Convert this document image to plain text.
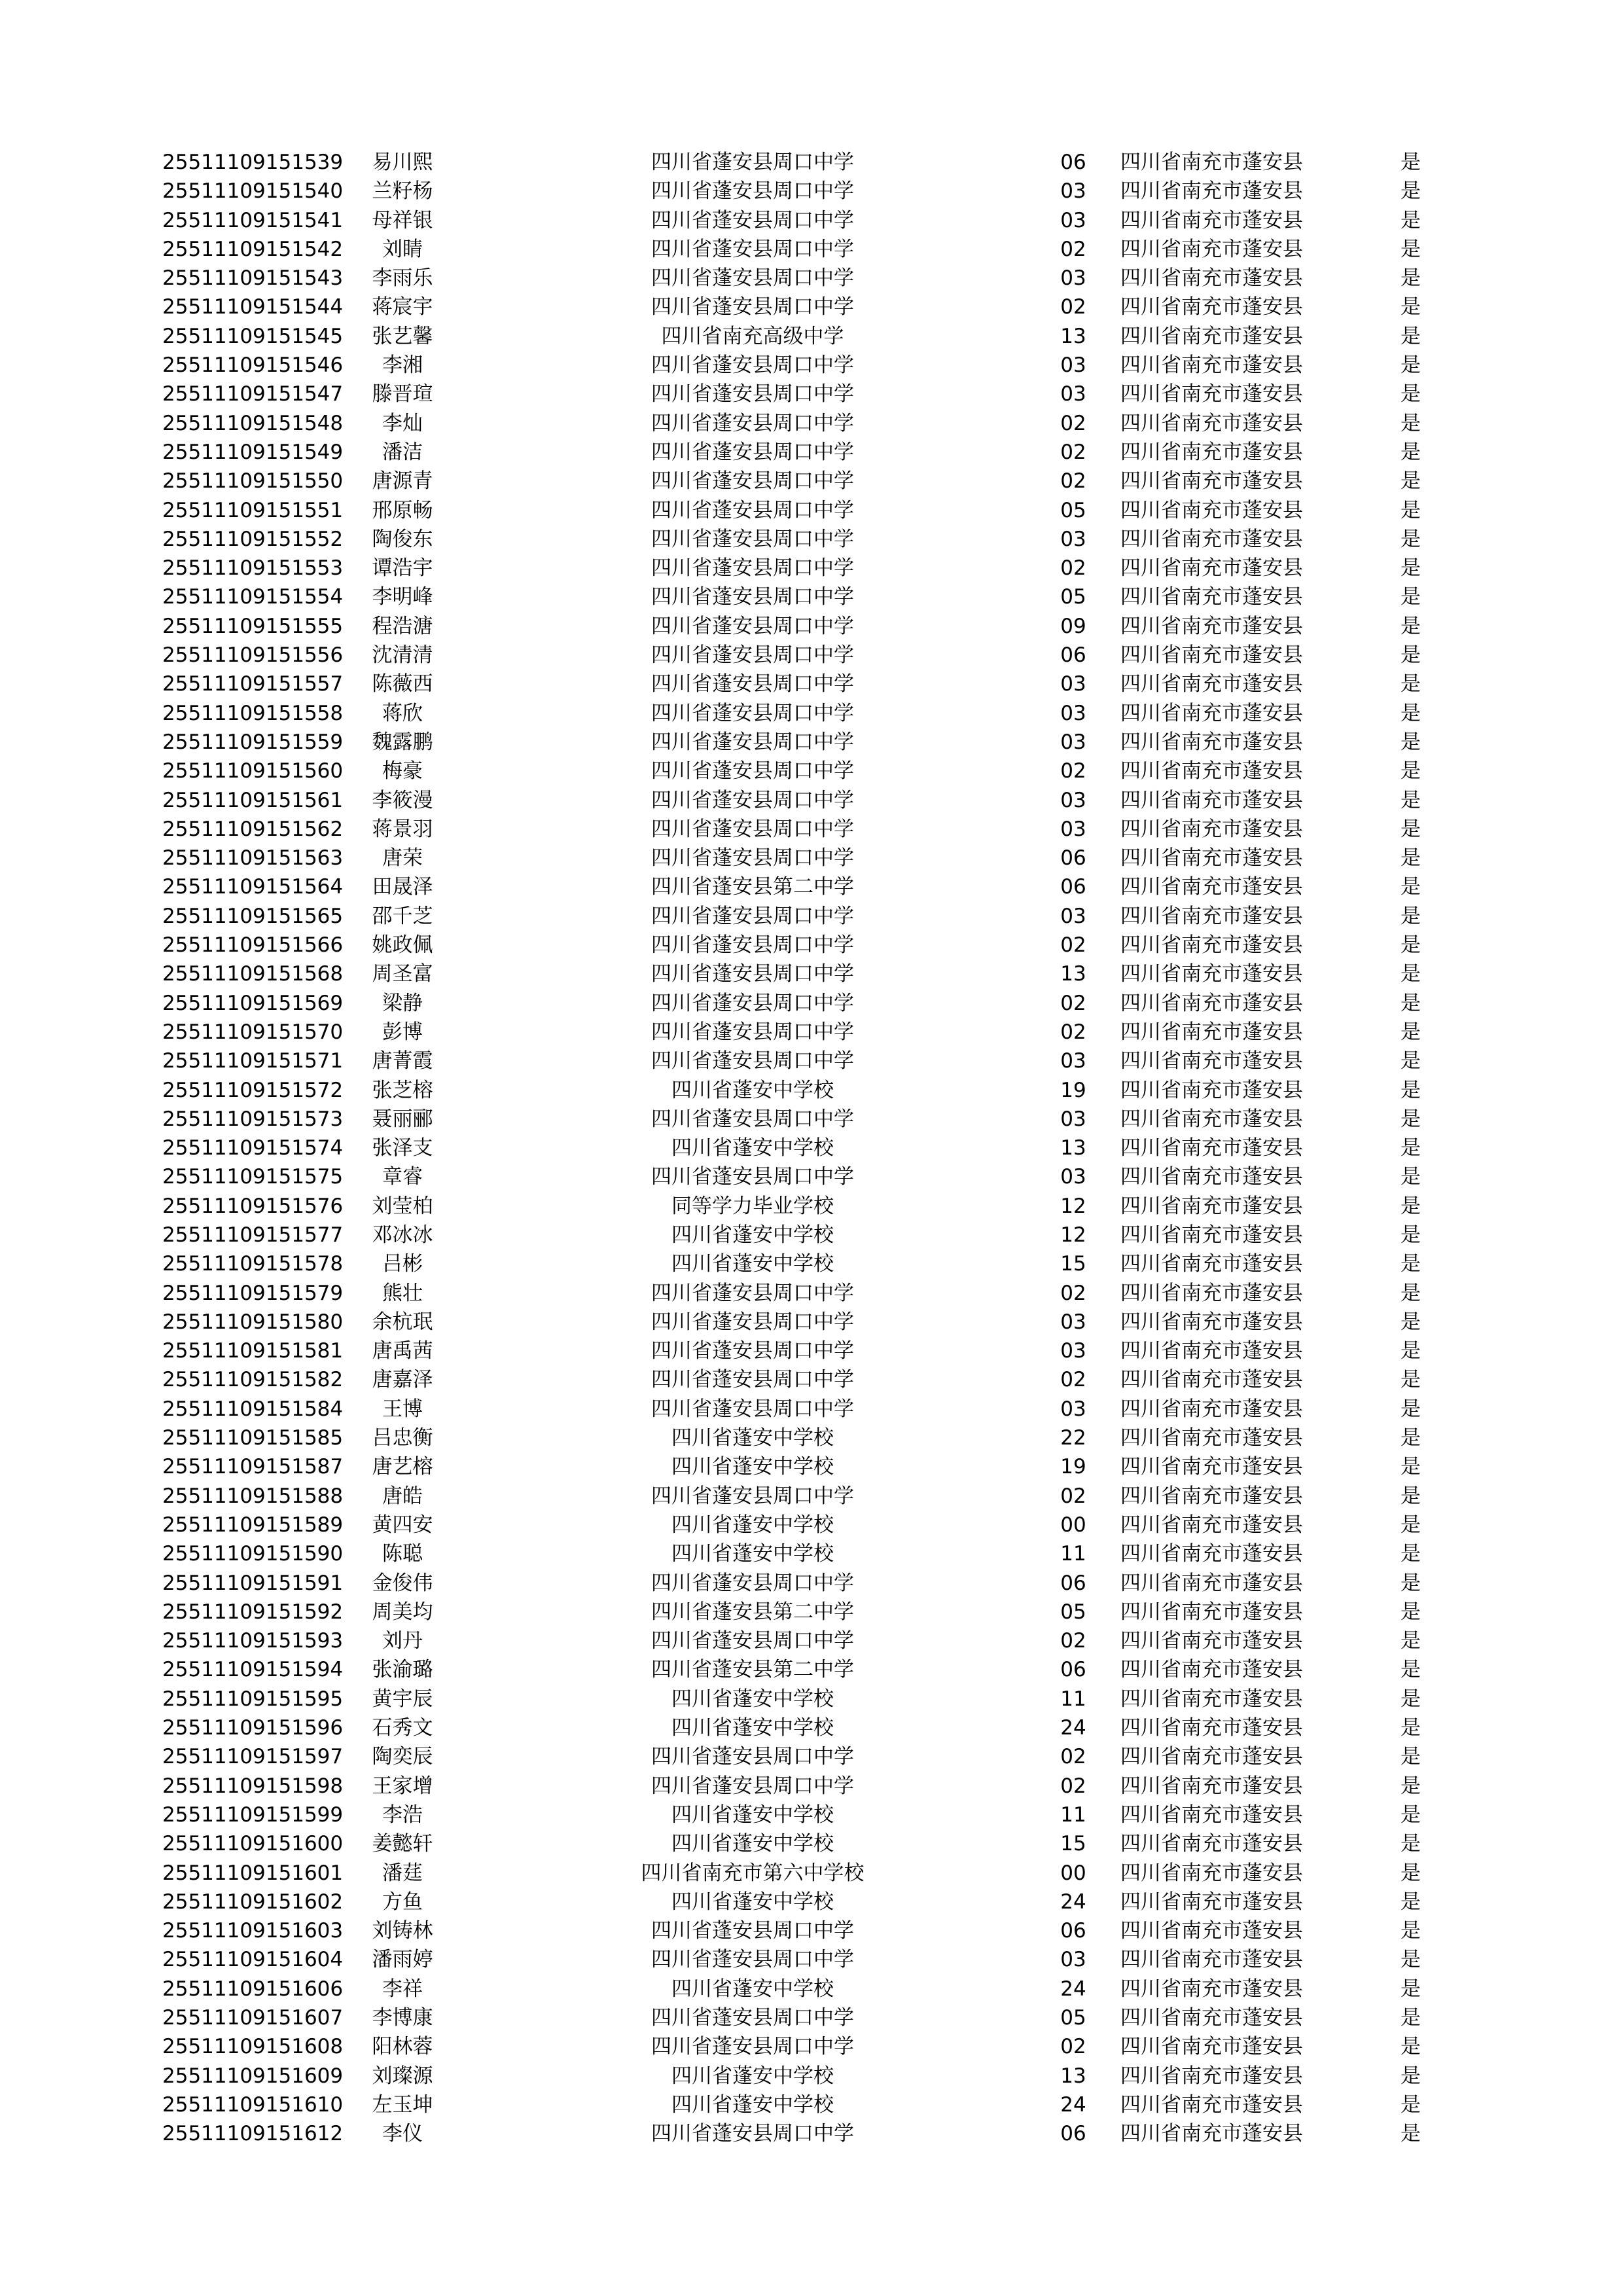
25511109151539 易川熙	四川省蓬安县周口中学	06 四川省南充市蓬安县	是
25511109151540 兰籽杨	四川省蓬安县周口中学	03 四川省南充市蓬安县	是
25511109151541 母祥银	四川省蓬安县周口中学	03 四川省南充市蓬安县	是
25511109151542 刘睛	四川省蓬安县周口中学	02 四川省南充市蓬安县	是
25511109151543 李雨乐	四川省蓬安县周口中学	03 四川省南充市蓬安县	是
25511109151544 蒋宸宇	四川省蓬安县周口中学	02 四川省南充市蓬安县	是
25511109151545 张艺馨	四川省南充高级中学	13 四川省南充市蓬安县	是
25511109151546 李湘	四川省蓬安县周口中学	03 四川省南充市蓬安县	是
25511109151547 滕晋瑄	四川省蓬安县周口中学	03 四川省南充市蓬安县	是
25511109151548 李灿	四川省蓬安县周口中学	02 四川省南充市蓬安县	是
25511109151549 潘洁	四川省蓬安县周口中学	02 四川省南充市蓬安县	是
25511109151550 唐源青	四川省蓬安县周口中学	02 四川省南充市蓬安县	是
25511109151551 邢原畅	四川省蓬安县周口中学	05 四川省南充市蓬安县	是
25511109151552 陶俊东	四川省蓬安县周口中学	03 四川省南充市蓬安县	是
25511109151553 谭浩宇	四川省蓬安县周口中学	02 四川省南充市蓬安县	是
25511109151554 李明峰	四川省蓬安县周口中学	05 四川省南充市蓬安县	是
25511109151555 程浩溏	四川省蓬安县周口中学	09 四川省南充市蓬安县	是
25511109151556 沈清清	四川省蓬安县周口中学	06 四川省南充市蓬安县	是
25511109151557 陈薇西	四川省蓬安县周口中学	03 四川省南充市蓬安县	是
25511109151558 蒋欣	四川省蓬安县周口中学	03 四川省南充市蓬安县	是
25511109151559 魏露鹏	四川省蓬安县周口中学	03 四川省南充市蓬安县	是
25511109151560 梅豪	四川省蓬安县周口中学	02 四川省南充市蓬安县	是
25511109151561 李筱漫	四川省蓬安县周口中学	03 四川省南充市蓬安县	是
25511109151562 蒋景羽	四川省蓬安县周口中学	03 四川省南充市蓬安县	是
25511109151563 唐荣	四川省蓬安县周口中学	06 四川省南充市蓬安县	是
25511109151564 田晟泽	四川省蓬安县第二中学	06 四川省南充市蓬安县	是
25511109151565 邵千芝	四川省蓬安县周口中学	03 四川省南充市蓬安县	是
25511109151566 姚政佩	四川省蓬安县周口中学	02 四川省南充市蓬安县	是
25511109151568 周圣富	四川省蓬安县周口中学	13 四川省南充市蓬安县	是
25511109151569 梁静	四川省蓬安县周口中学	02 四川省南充市蓬安县	是
25511109151570 彭博	四川省蓬安县周口中学	02 四川省南充市蓬安县	是
25511109151571 唐菁霞	四川省蓬安县周口中学	03 四川省南充市蓬安县	是
25511109151572 张芝榕	四川省蓬安中学校	19 四川省南充市蓬安县	是
25511109151573 聂丽郦	四川省蓬安县周口中学	03 四川省南充市蓬安县	是
25511109151574 张泽支	四川省蓬安中学校	13 四川省南充市蓬安县	是
25511109151575 章睿	四川省蓬安县周口中学	03 四川省南充市蓬安县	是
25511109151576 刘莹柏	同等学力毕业学校	12 四川省南充市蓬安县	是
25511109151577 邓冰冰	四川省蓬安中学校	12 四川省南充市蓬安县	是
25511109151578 吕彬	四川省蓬安中学校	15 四川省南充市蓬安县	是
25511109151579 熊壮	四川省蓬安县周口中学	02 四川省南充市蓬安县	是
25511109151580 余杭珉	四川省蓬安县周口中学	03 四川省南充市蓬安县	是
25511109151581 唐禹茜	四川省蓬安县周口中学	03 四川省南充市蓬安县	是
25511109151582 唐嘉泽	四川省蓬安县周口中学	02 四川省南充市蓬安县	是
25511109151584 王博	四川省蓬安县周口中学	03 四川省南充市蓬安县	是
25511109151585 吕忠衡	四川省蓬安中学校	22 四川省南充市蓬安县	是
25511109151587 唐艺榕	四川省蓬安中学校	19 四川省南充市蓬安县	是
25511109151588 唐皓	四川省蓬安县周口中学	02 四川省南充市蓬安县	是
25511109151589 黄四安	四川省蓬安中学校	00 四川省南充市蓬安县	是
25511109151590 陈聪	四川省蓬安中学校	11 四川省南充市蓬安县	是
25511109151591 金俊伟	四川省蓬安县周口中学	06 四川省南充市蓬安县	是
25511109151592 周美均	四川省蓬安县第二中学	05 四川省南充市蓬安县	是
25511109151593 刘丹	四川省蓬安县周口中学	02 四川省南充市蓬安县	是
25511109151594 张渝璐	四川省蓬安县第二中学	06 四川省南充市蓬安县	是
25511109151595 黄宇辰	四川省蓬安中学校	11 四川省南充市蓬安县	是
25511109151596 石秀文	四川省蓬安中学校	24 四川省南充市蓬安县	是
25511109151597 陶奕辰	四川省蓬安县周口中学	02 四川省南充市蓬安县	是
25511109151598 王家增	四川省蓬安县周口中学	02 四川省南充市蓬安县	是
25511109151599 李浩	四川省蓬安中学校	11 四川省南充市蓬安县	是
25511109151600 姜懿轩	四川省蓬安中学校	15 四川省南充市蓬安县	是
25511109151601 潘莛	四川省南充市第六中学校	00 四川省南充市蓬安县	是
25511109151602 方鱼	四川省蓬安中学校	24 四川省南充市蓬安县	是
25511109151603 刘铸林	四川省蓬安县周口中学	06 四川省南充市蓬安县	是
25511109151604 潘雨婷	四川省蓬安县周口中学	03 四川省南充市蓬安县	是
25511109151606 李祥	四川省蓬安中学校	24 四川省南充市蓬安县	是
25511109151607 李博康	四川省蓬安县周口中学	05 四川省南充市蓬安县	是
25511109151608 阳林蓉	四川省蓬安县周口中学	02 四川省南充市蓬安县	是
25511109151609 刘璨源	四川省蓬安中学校	13 四川省南充市蓬安县	是
25511109151610 左玉坤	四川省蓬安中学校	24 四川省南充市蓬安县	是
25511109151612 李仪	四川省蓬安县周口中学	06 四川省南充市蓬安县	是
